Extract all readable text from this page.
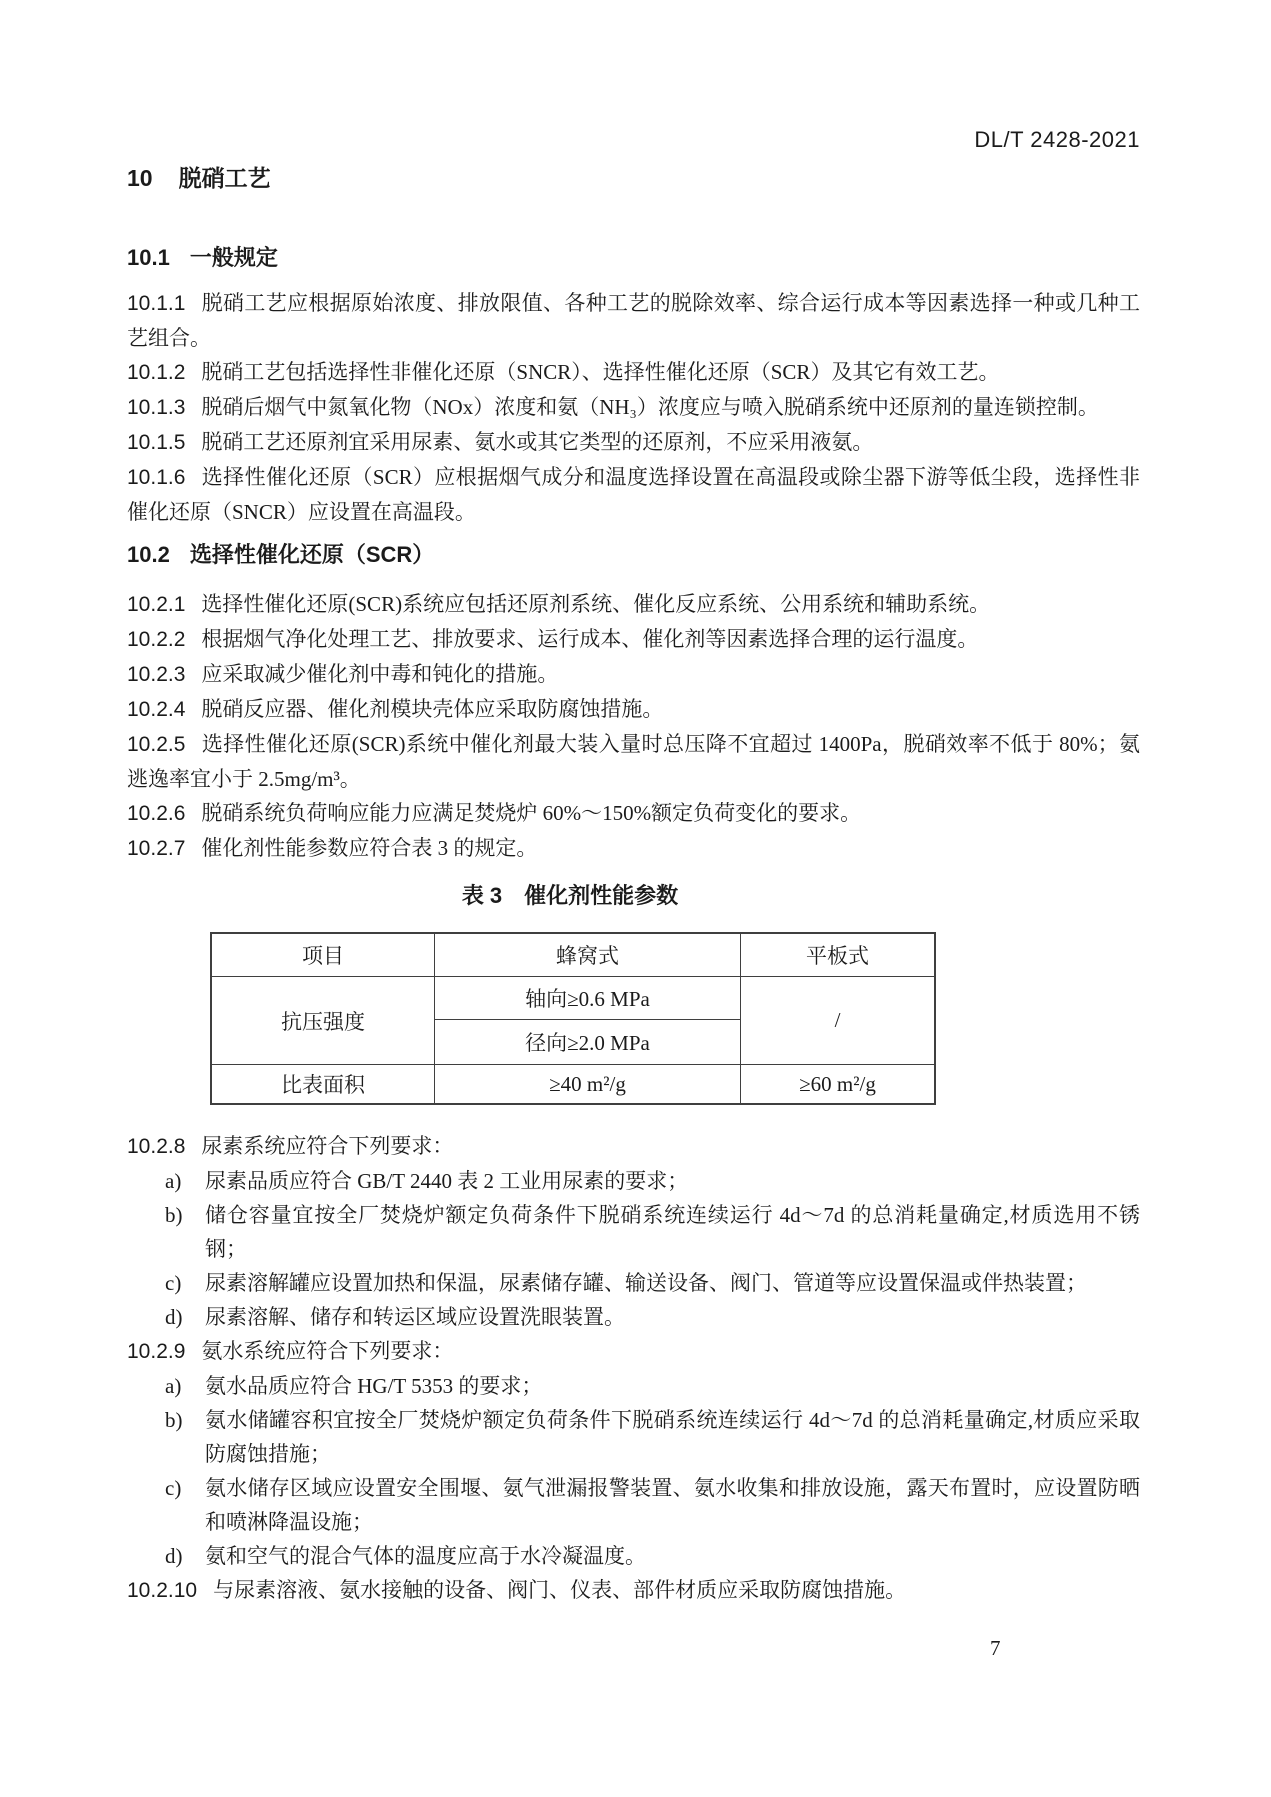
DL/T 2428-2021
10 脱硝工艺
10.1 一般规定

10.1.1 脱硝工艺应根据原始浓度、排放限值、各种工艺的脱除效率、综合运行成本等因素选择一种或几种工艺组合。

10.1.2 脱硝工艺包括选择性非催化还原（SNCR）、选择性催化还原（SCR）及其它有效工艺。

10.1.3 脱硝后烟气中氮氧化物（NOx）浓度和氨（NH₃）浓度应与喷入脱硝系统中还原剂的量连锁控制。

10.1.5 脱硝工艺还原剂宜采用尿素、氨水或其它类型的还原剂，不应采用液氨。

10.1.6 选择性催化还原（SCR）应根据烟气成分和温度选择设置在高温段或除尘器下游等低尘段，选择性非催化还原（SNCR）应设置在高温段。

10.2 选择性催化还原（SCR）

10.2.1 选择性催化还原(SCR)系统应包括还原剂系统、催化反应系统、公用系统和辅助系统。

10.2.2 根据烟气净化处理工艺、排放要求、运行成本、催化剂等因素选择合理的运行温度。

10.2.3 应采取减少催化剂中毒和钝化的措施。

10.2.4 脱硝反应器、催化剂模块壳体应采取防腐蚀措施。

10.2.5 选择性催化还原(SCR)系统中催化剂最大装入量时总压降不宜超过 1400Pa，脱硝效率不低于 80%；氨逃逸率宜小于 2.5mg/m³。

10.2.6 脱硝系统负荷响应能力应满足焚烧炉 60%～150%额定负荷变化的要求。

10.2.7 催化剂性能参数应符合表 3 的规定。

表 3　催化剂性能参数
项目	蜂窝式	平板式
抗压强度	轴向≥0.6 MPa	/
	径向≥2.0 MPa	
比表面积	≥40 m²/g	≥60 m²/g

10.2.8 尿素系统应符合下列要求：

a)	尿素品质应符合 GB/T 2440 表 2 工业用尿素的要求；
b)	储仓容量宜按全厂焚烧炉额定负荷条件下脱硝系统连续运行 4d～7d 的总消耗量确定,材质选用不锈钢；
c)	尿素溶解罐应设置加热和保温，尿素储存罐、输送设备、阀门、管道等应设置保温或伴热装置；
d)	尿素溶解、储存和转运区域应设置洗眼装置。

10.2.9 氨水系统应符合下列要求：

a)	氨水品质应符合 HG/T 5353 的要求；
b)	氨水储罐容积宜按全厂焚烧炉额定负荷条件下脱硝系统连续运行 4d～7d 的总消耗量确定,材质应采取防腐蚀措施；
c)	氨水储存区域应设置安全围堰、氨气泄漏报警装置、氨水收集和排放设施，露天布置时，应设置防晒和喷淋降温设施；
d)	氨和空气的混合气体的温度应高于水冷凝温度。

10.2.10 与尿素溶液、氨水接触的设备、阀门、仪表、部件材质应采取防腐蚀措施。

7
